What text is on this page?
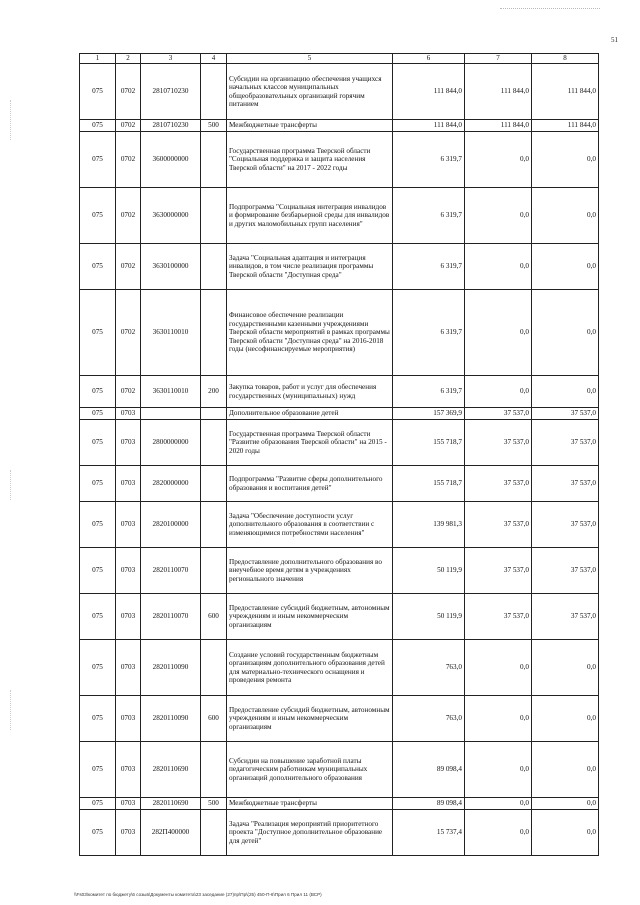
51
1	2	3	4	5	6	7	8
075	0702	2810710230		Субсидии на организацию обеспечения учащихся начальных классов муниципальных общеобразовательных организаций горячим питанием	111 844,0	111 844,0	111 844,0
075	0702	2810710230	500	Межбюджетные трансферты	111 844,0	111 844,0	111 844,0
075	0702	3600000000		Государственная программа Тверской области "Социальная поддержка и защита населения Тверской области" на 2017 - 2022 годы	6 319,7	0,0	0,0
075	0702	3630000000		Подпрограмма "Социальная интеграция инвалидов и формирование безбарьерной среды для инвалидов и других маломобильных групп населения"	6 319,7	0,0	0,0
075	0702	3630100000		Задача "Социальная адаптация и интеграция инвалидов, в том числе реализация программы Тверской области "Доступная среда"	6 319,7	0,0	0,0
075	0702	3630110010		Финансовое обеспечение реализации государственными казенными учреждениями Тверской области мероприятий в рамках программы Тверской области "Доступная среда" на 2016-2018 годы (несофинансируемые мероприятия)	6 319,7	0,0	0,0
075	0702	3630110010	200	Закупка товаров, работ и услуг для обеспечения государственных (муниципальных) нужд	6 319,7	0,0	0,0
075	0703			Дополнительное образование детей	157 369,9	37 537,0	37 537,0
075	0703	2800000000		Государственная программа Тверской области "Развитие образования Тверской области" на 2015 - 2020 годы	155 718,7	37 537,0	37 537,0
075	0703	2820000000		Подпрограмма "Развитие сферы дополнительного образования и воспитания детей"	155 718,7	37 537,0	37 537,0
075	0703	2820100000		Задача "Обеспечение доступности услуг дополнительного образования в соответствии с изменяющимися потребностями населения"	139 981,3	37 537,0	37 537,0
075	0703	2820110070		Предоставление дополнительного образования во внеучебное время детям в учреждениях регионального значения	50 119,9	37 537,0	37 537,0
075	0703	2820110070	600	Предоставление субсидий бюджетным, автономным учреждениям и иным некоммерческим организациям	50 119,9	37 537,0	37 537,0
075	0703	2820110090		Создание условий государственным бюджетным организациям дополнительного образования детей для материально-технического оснащения и проведения ремонта	763,0	0,0	0,0
075	0703	2820110090	600	Предоставление субсидий бюджетным, автономным учреждениям и иным некоммерческим организациям	763,0	0,0	0,0
075	0703	2820110690		Субсидии на повышение заработной платы педагогическим работникам муниципальных организаций дополнительного образования	89 098,4	0,0	0,0
075	0703	2820110690	500	Межбюджетные трансферты	89 098,4	0,0	0,0
075	0703	282П400000		Задача "Реализация мероприятий приоритетного проекта "Доступное дополнительное образование для детей"	15 737,4	0,0	0,0
\\Fs03\комитет по бюджету\6 созыв\Документы комитета\23 заседание (27)пр\Пр\(25) 450-П-6\Прил 6 Прил 11 (ВСР)
